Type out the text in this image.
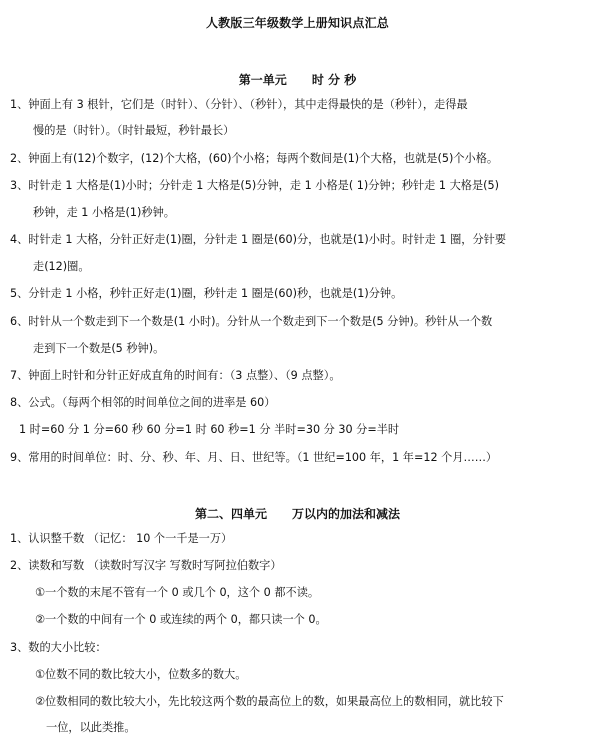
人教版三年级数学上册知识点汇总
第一单元      时 分 秒
1、钟面上有 3 根针，它们是（时针）、（分针）、（秒针），其中走得最快的是（秒针），走得最
慢的是（时针）。（时针最短，秒针最长）
2、钟面上有(12)个数字，(12)个大格，(60)个小格；每两个数间是(1)个大格，也就是(5)个小格。
3、时针走 1 大格是(1)小时；分针走 1 大格是(5)分钟，走 1 小格是( 1)分钟；秒针走 1 大格是(5)
秒钟，走 1 小格是(1)秒钟。
4、时针走 1 大格，分针正好走(1)圈，分针走 1 圈是(60)分，也就是(1)小时。时针走 1 圈，分针要
走(12)圈。
5、分针走 1 小格，秒针正好走(1)圈，秒针走 1 圈是(60)秒，也就是(1)分钟。
6、时针从一个数走到下一个数是(1 小时)。分针从一个数走到下一个数是(5 分钟)。秒针从一个数
走到下一个数是(5 秒钟)。
7、钟面上时针和分针正好成直角的时间有：（3 点整）、（9 点整）。
8、公式。（每两个相邻的时间单位之间的进率是 60）
1 时=60 分 1 分=60 秒 60 分=1 时 60 秒=1 分 半时=30 分 30 分=半时
9、常用的时间单位：时、分、秒、年、月、日、世纪等。（1 世纪=100 年，1 年=12 个月……）
第二、四单元      万以内的加法和减法
1、认识整千数 （记忆： 10 个一千是一万）
2、读数和写数 （读数时写汉字 写数时写阿拉伯数字）
①一个数的末尾不管有一个 0 或几个 0，这个 0 都不读。
②一个数的中间有一个 0 或连续的两个 0，都只读一个 0。
3、数的大小比较：
①位数不同的数比较大小，位数多的数大。
②位数相同的数比较大小，先比较这两个数的最高位上的数，如果最高位上的数相同，就比较下
一位，以此类推。
